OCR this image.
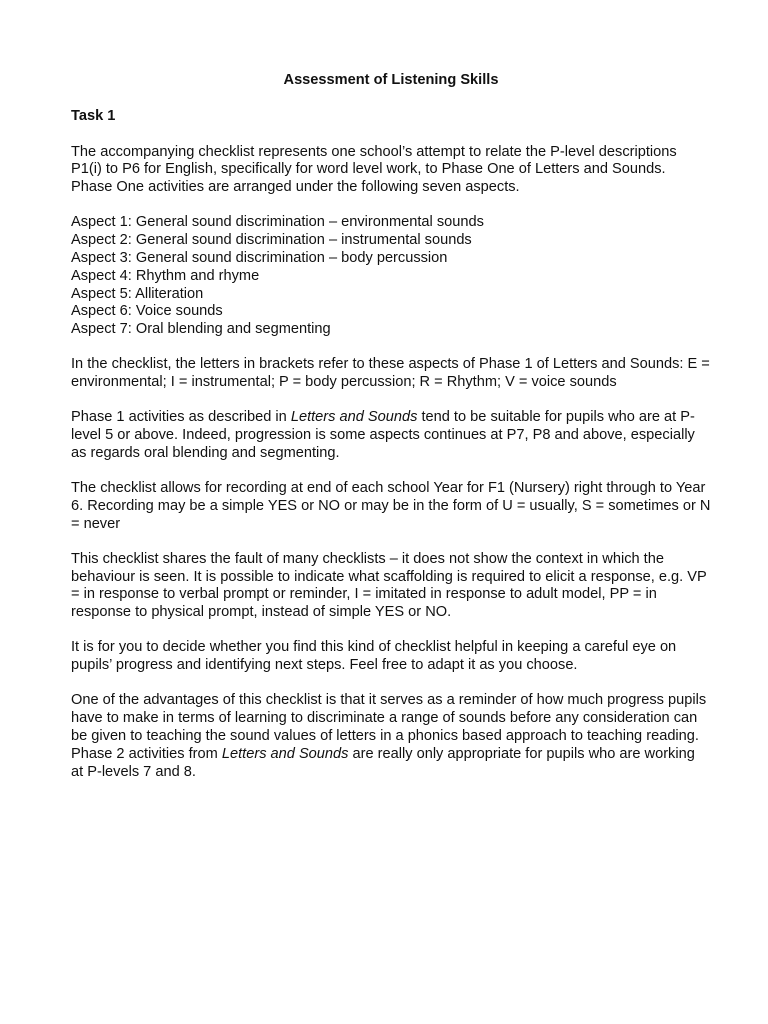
Assessment of Listening Skills
Task 1

The accompanying checklist represents one school’s attempt to relate the P-level descriptions P1(i) to P6 for English, specifically for word level work, to Phase One of Letters and Sounds. Phase One activities are arranged under the following seven aspects.

Aspect 1: General sound discrimination – environmental sounds
Aspect 2: General sound discrimination – instrumental sounds
Aspect 3: General sound discrimination – body percussion
Aspect 4: Rhythm and rhyme
Aspect 5: Alliteration
Aspect 6: Voice sounds
Aspect 7: Oral blending and segmenting

In the checklist, the letters in brackets refer to these aspects of Phase 1 of Letters and Sounds: E = environmental; I = instrumental; P = body percussion; R = Rhythm; V = voice sounds

Phase 1 activities as described in Letters and Sounds tend to be suitable for pupils who are at P-level 5 or above. Indeed, progression is some aspects continues at P7, P8 and above, especially as regards oral blending and segmenting.

The checklist allows for recording at end of each school Year for F1 (Nursery) right through to Year 6. Recording may be a simple YES or NO or may be in the form of U = usually, S = sometimes or N = never

This checklist shares the fault of many checklists – it does not show the context in which the behaviour is seen. It is possible to indicate what scaffolding is required to elicit a response, e.g. VP = in response to verbal prompt or reminder, I = imitated in response to adult model, PP = in response to physical prompt, instead of simple YES or NO.

It is for you to decide whether you find this kind of checklist helpful in keeping a careful eye on pupils’ progress and identifying next steps. Feel free to adapt it as you choose.

One of the advantages of this checklist is that it serves as a reminder of how much progress pupils have to make in terms of learning to discriminate a range of sounds before any consideration can be given to teaching the sound values of letters in a phonics based approach to teaching reading. Phase 2 activities from Letters and Sounds are really only appropriate for pupils who are working at P-levels 7 and 8.
